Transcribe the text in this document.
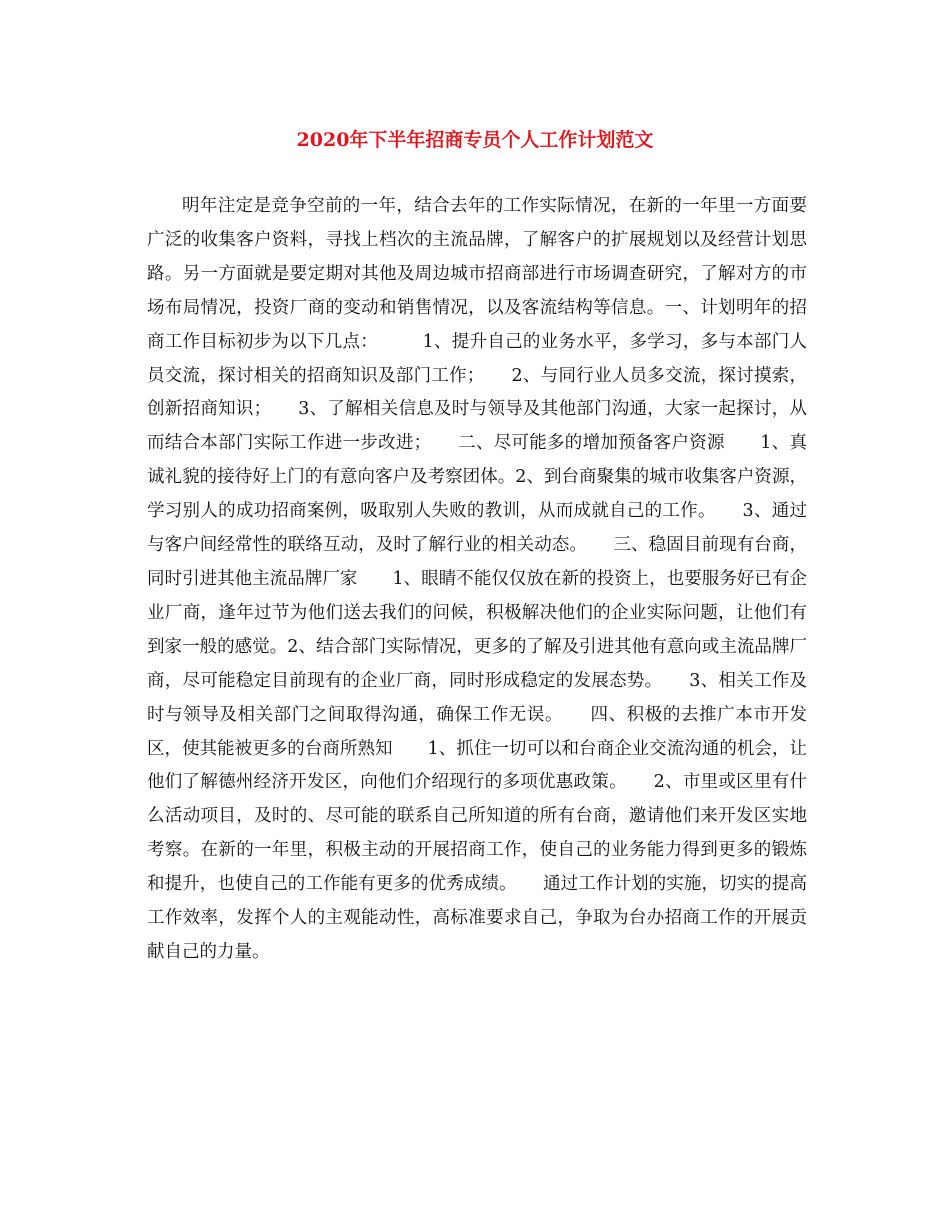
2020年下半年招商专员个人工作计划范文

明年注定是竞争空前的一年，结合去年的工作实际情况，在新的一年里一方面要广泛的收集客户资料，寻找上档次的主流品牌，了解客户的扩展规划以及经营计划思路。另一方面就是要定期对其他及周边城市招商部进行市场调查研究，了解对方的市场布局情况，投资厂商的变动和销售情况，以及客流结构等信息。一、计划明年的招商工作目标初步为以下几点：　　　1、提升自己的业务水平，多学习，多与本部门人员交流，探讨相关的招商知识及部门工作；　　2、与同行业人员多交流，探讨摸索，创新招商知识；　　3、了解相关信息及时与领导及其他部门沟通，大家一起探讨，从而结合本部门实际工作进一步改进；　　二、尽可能多的增加预备客户资源　　1、真诚礼貌的接待好上门的有意向客户及考察团体。2、到台商聚集的城市收集客户资源，学习别人的成功招商案例，吸取别人失败的教训，从而成就自己的工作。　　3、通过与客户间经常性的联络互动，及时了解行业的相关动态。　　三、稳固目前现有台商，同时引进其他主流品牌厂家　　1、眼睛不能仅仅放在新的投资上，也要服务好已有企业厂商，逢年过节为他们送去我们的问候，积极解决他们的企业实际问题，让他们有到家一般的感觉。2、结合部门实际情况，更多的了解及引进其他有意向或主流品牌厂商，尽可能稳定目前现有的企业厂商，同时形成稳定的发展态势。　　3、相关工作及时与领导及相关部门之间取得沟通，确保工作无误。　　四、积极的去推广本市开发区，使其能被更多的台商所熟知　　1、抓住一切可以和台商企业交流沟通的机会，让他们了解德州经济开发区，向他们介绍现行的多项优惠政策。　　2、市里或区里有什么活动项目，及时的、尽可能的联系自己所知道的所有台商，邀请他们来开发区实地考察。在新的一年里，积极主动的开展招商工作，使自己的业务能力得到更多的锻炼和提升，也使自己的工作能有更多的优秀成绩。　　通过工作计划的实施，切实的提高工作效率，发挥个人的主观能动性，高标准要求自己，争取为台办招商工作的开展贡献自己的力量。
